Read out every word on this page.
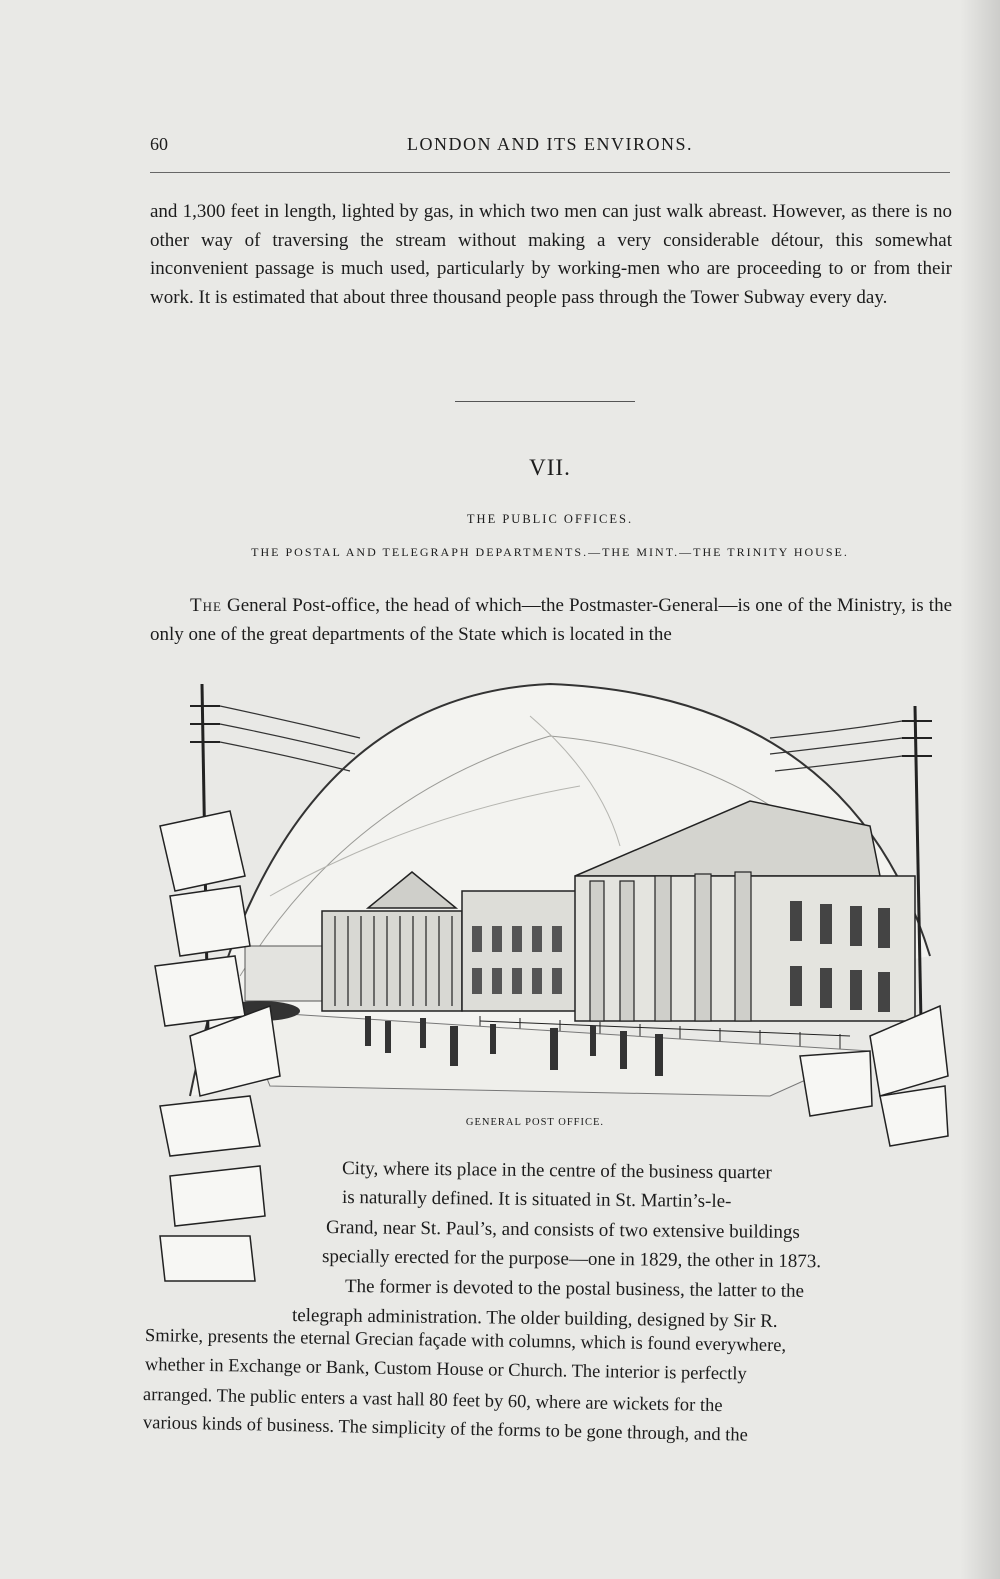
60	LONDON AND ITS ENVIRONS.
and 1,300 feet in length, lighted by gas, in which two men can just walk abreast. However, as there is no other way of traversing the stream without making a very considerable détour, this somewhat inconvenient passage is much used, particularly by working-men who are proceeding to or from their work. It is estimated that about three thousand people pass through the Tower Subway every day.
VII.
THE PUBLIC OFFICES.
THE POSTAL AND TELEGRAPH DEPARTMENTS.—THE MINT.—THE TRINITY HOUSE.
The General Post-office, the head of which—the Postmaster-General—is one of the Ministry, is the only one of the great departments of the State which is located in the
GENERAL POST OFFICE.
City, where its place in the centre of the business quarter
is naturally defined. It is situated in St. Martin’s-le-
Grand, near St. Paul’s, and consists of two extensive buildings
specially erected for the purpose—one in 1829, the other in 1873.
The former is devoted to the postal business, the latter to the
telegraph administration. The older building, designed by Sir R.
Smirke, presents the eternal Grecian façade with columns, which is found everywhere,
whether in Exchange or Bank, Custom House or Church. The interior is perfectly
arranged. The public enters a vast hall 80 feet by 60, where are wickets for the
various kinds of business. The simplicity of the forms to be gone through, and the
